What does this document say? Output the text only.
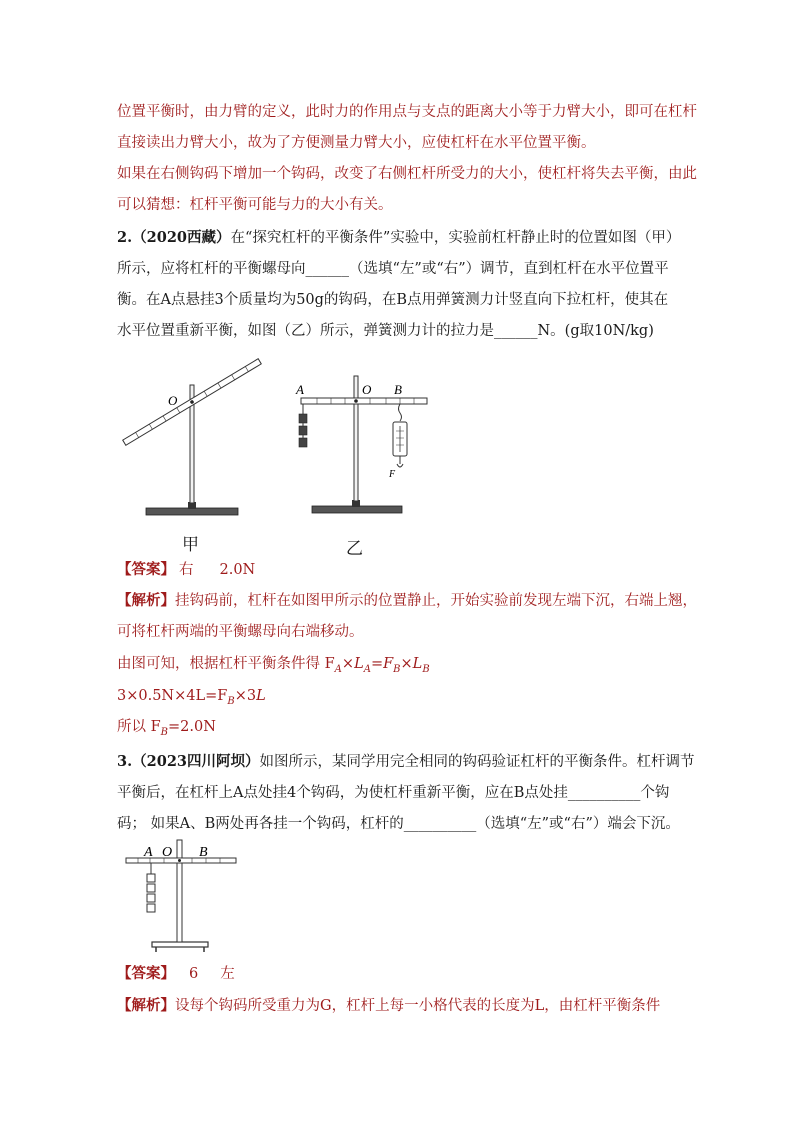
位置平衡时，由力臂的定义，此时力的作用点与支点的距离大小等于力臂大小，即可在杠杆
直接读出力臂大小，故为了方便测量力臂大小，应使杠杆在水平位置平衡。
如果在右侧钩码下增加一个钩码，改变了右侧杠杆所受力的大小，使杠杆将失去平衡，由此
可以猜想：杠杆平衡可能与力的大小有关。
2.（2020西藏）在“探究杠杆的平衡条件”实验中，实验前杠杆静止时的位置如图（甲）
所示，应将杠杆的平衡螺母向______（选填“左”或“右”）调节，直到杠杆在水平位置平
衡。在A点悬挂3个质量均为50g的钩码，在B点用弹簧测力计竖直向下拉杠杆，使其在
水平位置重新平衡，如图（乙）所示，弹簧测力计的拉力是______N。(g取10N/kg)
O
甲
A	O B
F
乙
【答案】 右 2.0N
【解析】挂钩码前，杠杆在如图甲所示的位置静止，开始实验前发现左端下沉，右端上翘，
可将杠杆两端的平衡螺母向右端移动。
由图可知，根据杠杆平衡条件得 $F_A\times L_A=F_B\times L_B$
$3\times 0.5N\times 4L=F_B\times 3L$
所以 $F_B=2.0N$
3.（2023四川阿坝）如图所示，某同学用完全相同的钩码验证杠杆的平衡条件。杠杆调节
平衡后，在杠杆上A点处挂4个钩码，为使杠杆重新平衡，应在B点处挂__________个钩
码； 如果A、B两处再各挂一个钩码，杠杆的__________（选填“左”或“右”）端会下沉。
A O B
【答案】 6 左
【解析】设每个钩码所受重力为G，杠杆上每一小格代表的长度为L，由杠杆平衡条件
